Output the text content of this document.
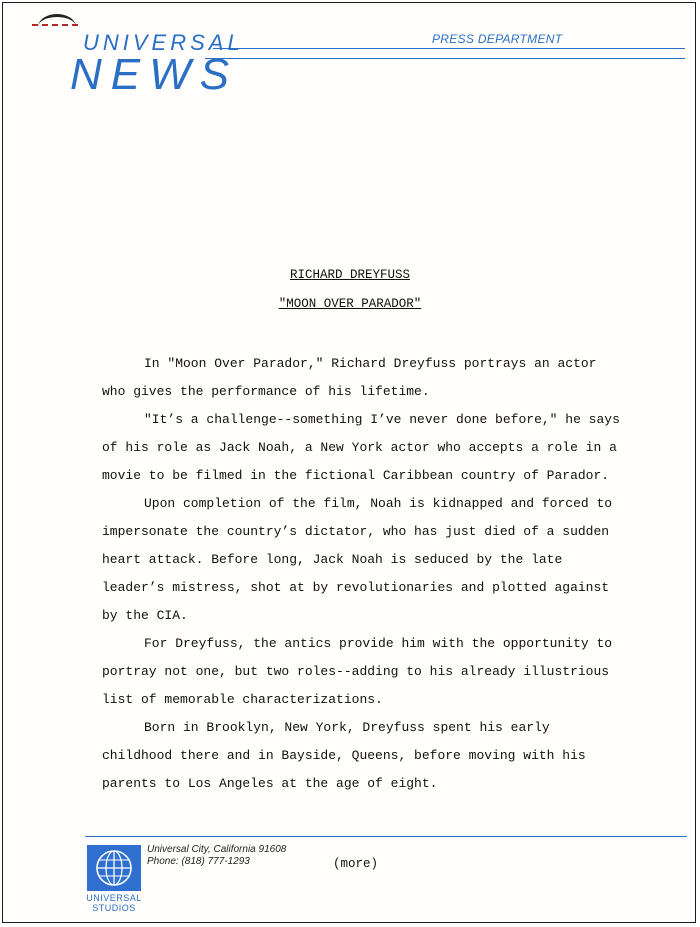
UNIVERSAL	PRESS DEPARTMENT
NEWS
RICHARD DREYFUSS
"MOON OVER PARADOR"

In "Moon Over Parador," Richard Dreyfuss portrays an actor who gives the performance of his lifetime.

"It’s a challenge--something I’ve never done before," he says of his role as Jack Noah, a New York actor who accepts a role in a movie to be filmed in the fictional Caribbean country of Parador.

Upon completion of the film, Noah is kidnapped and forced to impersonate the country’s dictator, who has just died of a sudden heart attack. Before long, Jack Noah is seduced by the late leader’s mistress, shot at by revolutionaries and plotted against by the CIA.

For Dreyfuss, the antics provide him with the opportunity to portray not one, but two roles--adding to his already illustrious list of memorable characterizations.

Born in Brooklyn, New York, Dreyfuss spent his early childhood there and in Bayside, Queens, before moving with his parents to Los Angeles at the age of eight.

UNIVERSAL
STUDIOS
Universal City, California 91608
Phone: (818) 777-1293	(more)
